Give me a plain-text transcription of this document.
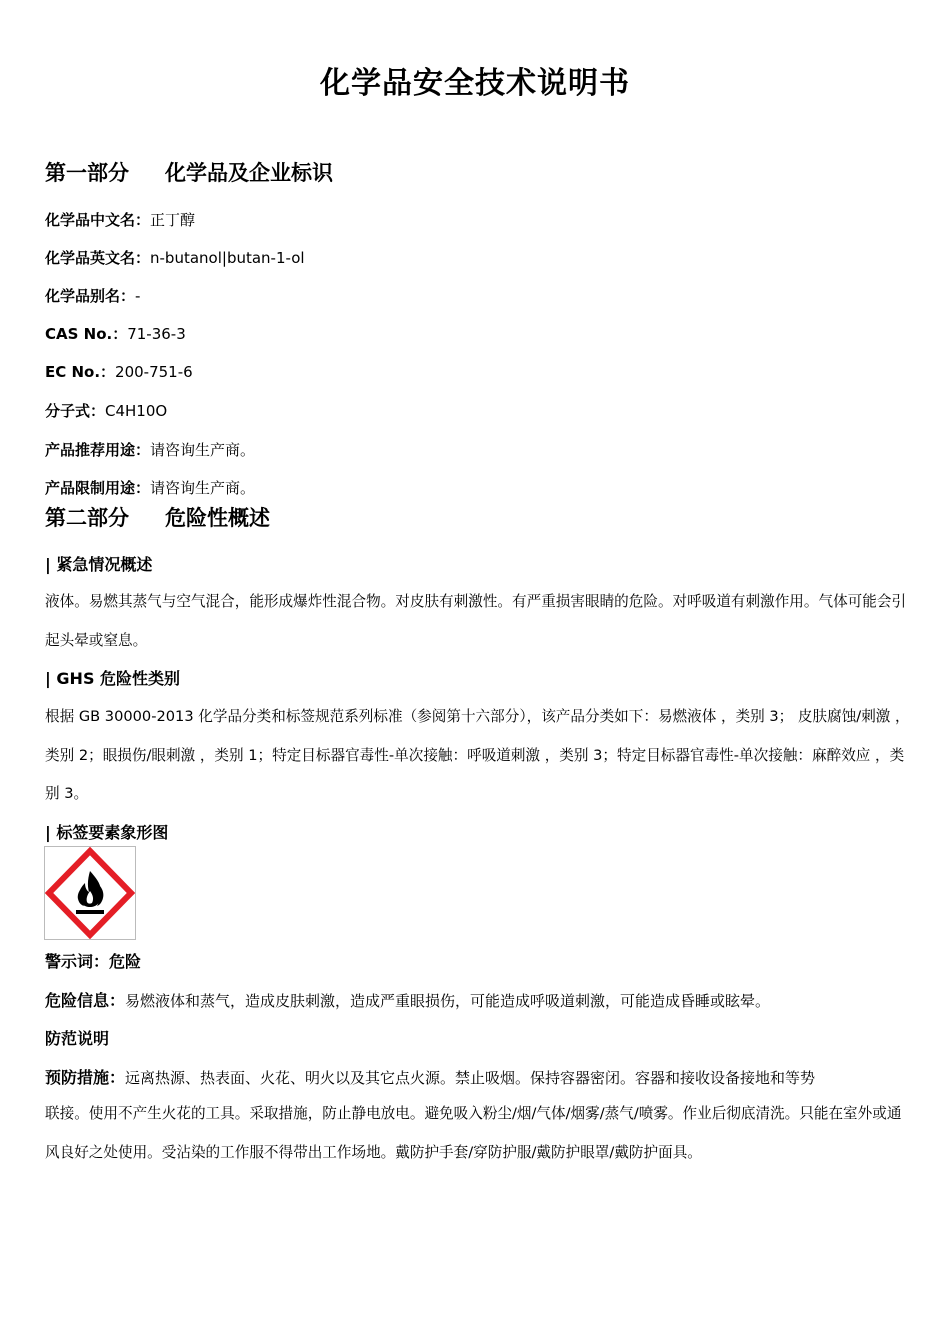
化学品安全技术说明书
第一部分 化学品及企业标识
化学品中文名：正丁醇
化学品英文名：n-butanol|butan-1-ol
化学品别名：-
CAS No.：71-36-3
EC No.：200-751-6
分子式：C4H10O
产品推荐用途：请咨询生产商。
产品限制用途：请咨询生产商。
第二部分 危险性概述
| 紧急情况概述
液体。易燃其蒸气与空气混合，能形成爆炸性混合物。对皮肤有刺激性。有严重损害眼睛的危险。对呼吸道有刺激作用。气体可能会引起头晕或窒息。
| GHS 危险性类别
根据 GB 30000-2013 化学品分类和标签规范系列标准（参阅第十六部分），该产品分类如下：易燃液体 ，类别 3； 皮肤腐蚀/刺激 ，类别 2；眼损伤/眼刺激 ，类别 1；特定目标器官毒性-单次接触：呼吸道刺激 ，类别 3；特定目标器官毒性-单次接触：麻醉效应 ，类别 3。
| 标签要素象形图
警示词：危险
危险信息：易燃液体和蒸气，造成皮肤刺激，造成严重眼损伤，可能造成呼吸道刺激，可能造成昏睡或眩晕。
防范说明
预防措施：远离热源、热表面、火花、明火以及其它点火源。禁止吸烟。保持容器密闭。容器和接收设备接地和等势
联接。使用不产生火花的工具。采取措施，防止静电放电。避免吸入粉尘/烟/气体/烟雾/蒸气/喷雾。作业后彻底清洗。只能在室外或通风良好之处使用。受沾染的工作服不得带出工作场地。戴防护手套/穿防护服/戴防护眼罩/戴防护面具。
